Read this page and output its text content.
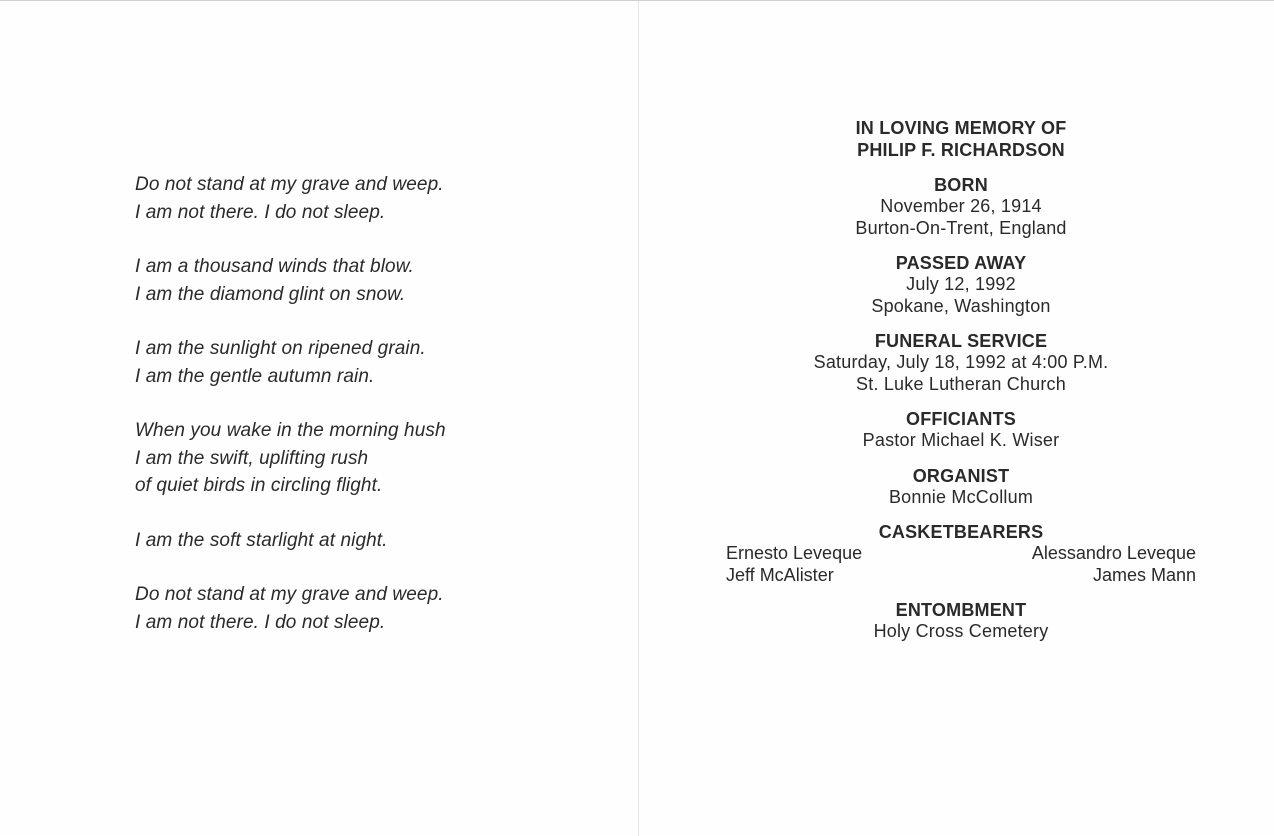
Do not stand at my grave and weep.
I am not there. I do not sleep.
I am a thousand winds that blow.
I am the diamond glint on snow.
I am the sunlight on ripened grain.
I am the gentle autumn rain.
When you wake in the morning hush
I am the swift, uplifting rush
of quiet birds in circling flight.
I am the soft starlight at night.
Do not stand at my grave and weep.
I am not there. I do not sleep.
IN LOVING MEMORY OF
PHILIP F. RICHARDSON
BORN
November 26, 1914
Burton-On-Trent, England
PASSED AWAY
July 12, 1992
Spokane, Washington
FUNERAL SERVICE
Saturday, July 18, 1992 at 4:00 P.M.
St. Luke Lutheran Church
OFFICIANTS
Pastor Michael K. Wiser
ORGANIST
Bonnie McCollum
CASKETBEARERS
Ernesto Leveque	Alessandro Leveque
Jeff McAlister	James Mann
ENTOMBMENT
Holy Cross Cemetery
